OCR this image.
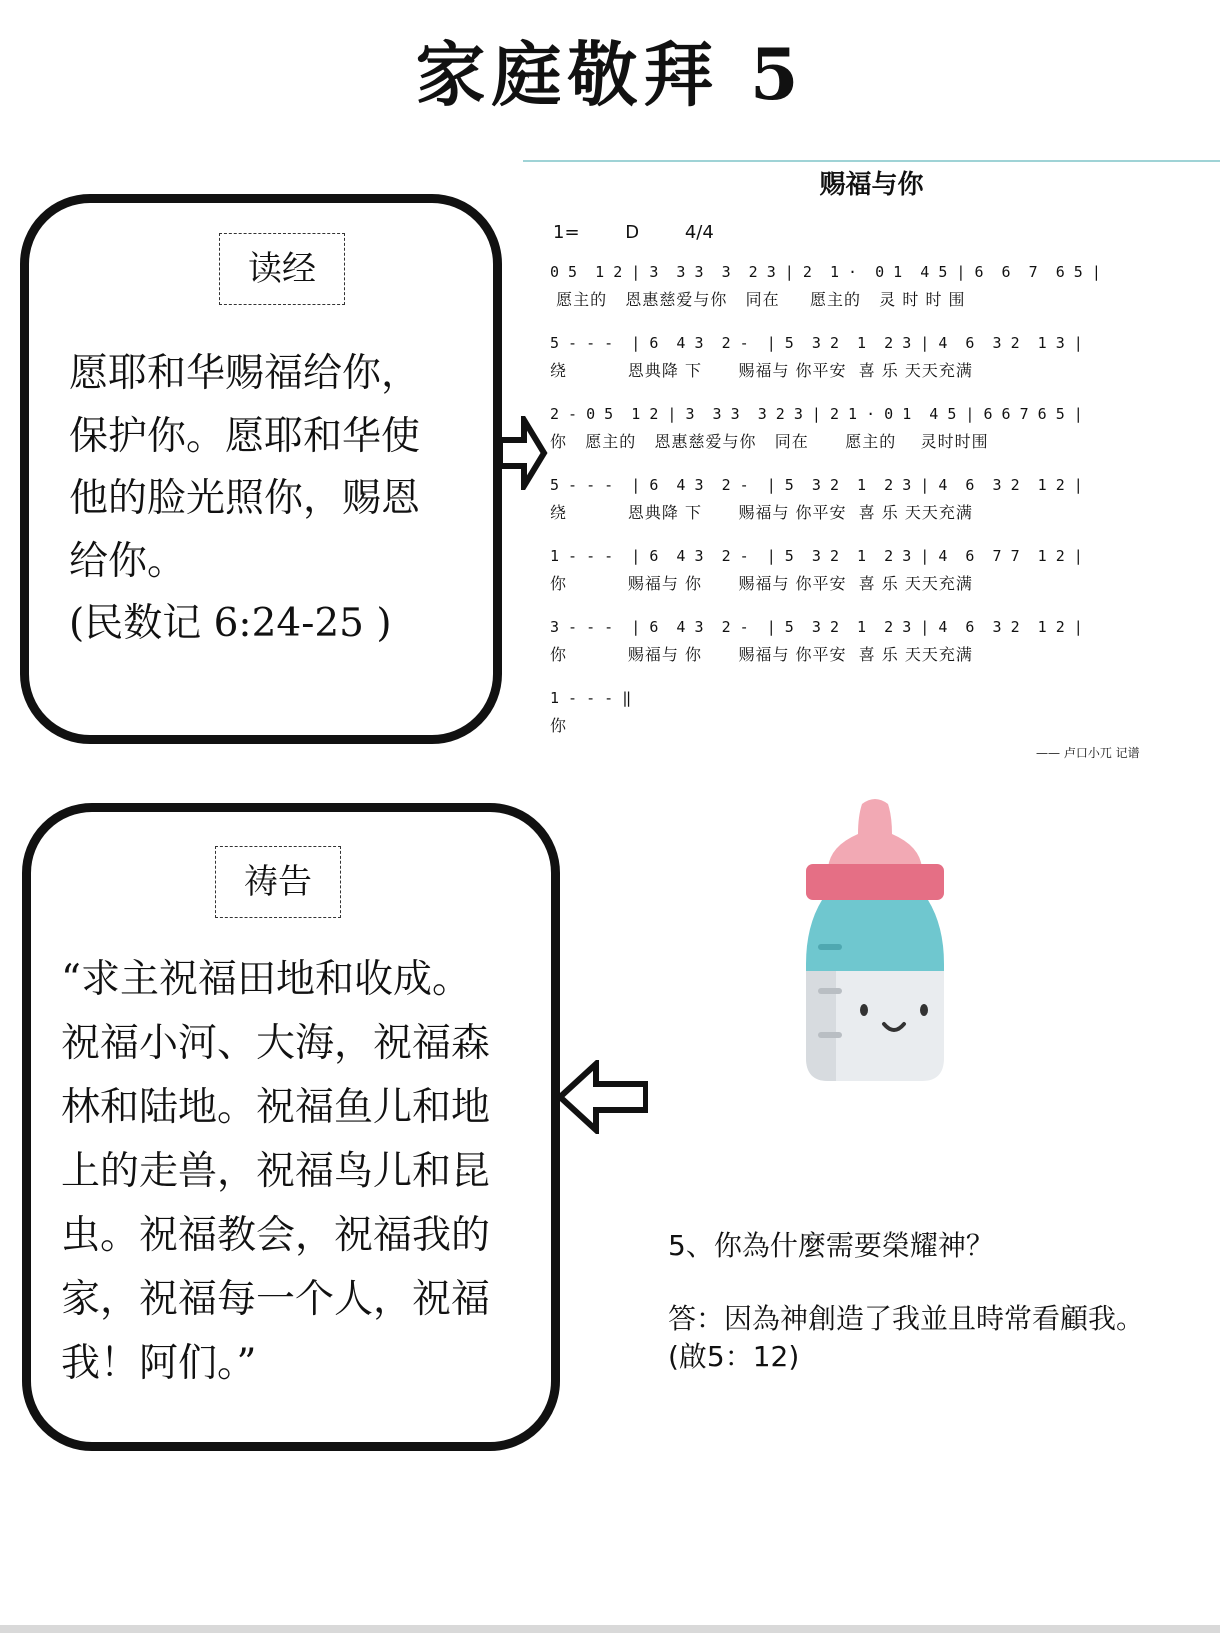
家庭敬拜 5
读经
愿耶和华赐福给你，
保护你。愿耶和华使
他的脸光照你，赐恩
给你。
(民数记 6:24-25 )
赐福与你
1= D	4/4
0 5  1 2 | 3  3 3  3  2 3 | 2  1 ·  0 1  4 5 | 6  6  7  6 5 |
愿主的   恩惠慈爱与你   同在     愿主的   灵 时 时 围
5 - - -  | 6  4 3  2 -  | 5  3 2  1  2 3 | 4  6  3 2  1 3 |
绕          恩典降 下      赐福与 你平安  喜 乐 天天充满
2 - 0 5  1 2 | 3  3 3  3 2 3 | 2 1 · 0 1  4 5 | 6 6 7 6 5 |
你   愿主的   恩惠慈爱与你   同在      愿主的    灵时时围
5 - - -  | 6  4 3  2 -  | 5  3 2  1  2 3 | 4  6  3 2  1 2 |
绕          恩典降 下      赐福与 你平安  喜 乐 天天充满
1 - - -  | 6  4 3  2 -  | 5  3 2  1  2 3 | 4  6  7 7  1 2 |
你          赐福与 你      赐福与 你平安  喜 乐 天天充满
3 - - -  | 6  4 3  2 -  | 5  3 2  1  2 3 | 4  6  3 2  1 2 |
你          赐福与 你      赐福与 你平安  喜 乐 天天充满
1 - - - ‖
你
—— 卢口小兀 记谱
祷告
“求主祝福田地和收成。
祝福小河、大海，祝福森
林和陆地。祝福鱼儿和地
上的走兽，祝福鸟儿和昆
虫。祝福教会，祝福我的
家，祝福每一个人，祝福
我！阿们。”
5、你為什麼需要榮耀神？
答：因為神創造了我並且時常看顧我。(啟5：12)
